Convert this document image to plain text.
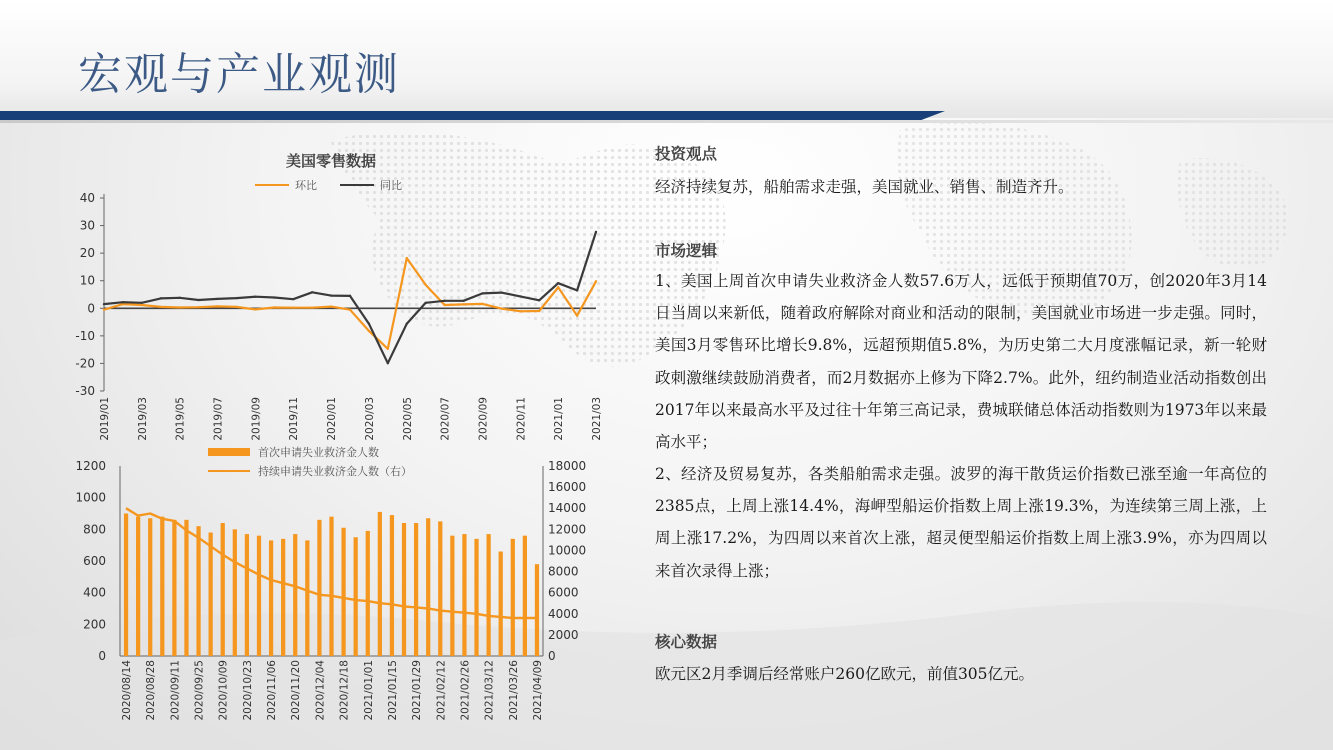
宏观与产业观测
美国零售数据
环比	同比
-30
-20
-10
0
10
20
30
40
2019/01 2019/03 2019/05 2019/07 2019/09 2019/11 2020/01 2020/03 2020/05 2020/07 2020/09 2020/11 2021/01 2021/03
首次申请失业救济金人数
持续申请失业救济金人数（右）
0
200
400
600
800
1000
1200
0
2000
4000
6000
8000
10000
12000
14000
16000
18000
2020/08/14 2020/08/28 2020/09/11 2020/09/25 2020/10/09 2020/10/23 2020/11/06 2020/11/20 2020/12/04 2020/12/18 2021/01/01 2021/01/15 2021/01/29 2021/02/12 2021/02/26 2021/03/12 2021/03/26 2021/04/09
投资观点
经济持续复苏，船舶需求走强，美国就业、销售、制造齐升。
市场逻辑
1、美国上周首次申请失业救济金人数57.6万人，远低于预期值70万，创2020年3月14日当周以来新低，随着政府解除对商业和活动的限制，美国就业市场进一步走强。同时，美国3月零售环比增长9.8%，远超预期值5.8%，为历史第二大月度涨幅记录，新一轮财政刺激继续鼓励消费者，而2月数据亦上修为下降2.7%。此外，纽约制造业活动指数创出2017年以来最高水平及过往十年第三高记录，费城联储总体活动指数则为1973年以来最高水平；
2、经济及贸易复苏，各类船舶需求走强。波罗的海干散货运价指数已涨至逾一年高位的2385点，上周上涨14.4%，海岬型船运价指数上周上涨19.3%，为连续第三周上涨，上周上涨17.2%，为四周以来首次上涨，超灵便型船运价指数上周上涨3.9%，亦为四周以来首次录得上涨；
核心数据
欧元区2月季调后经常账户260亿欧元，前值305亿元。
